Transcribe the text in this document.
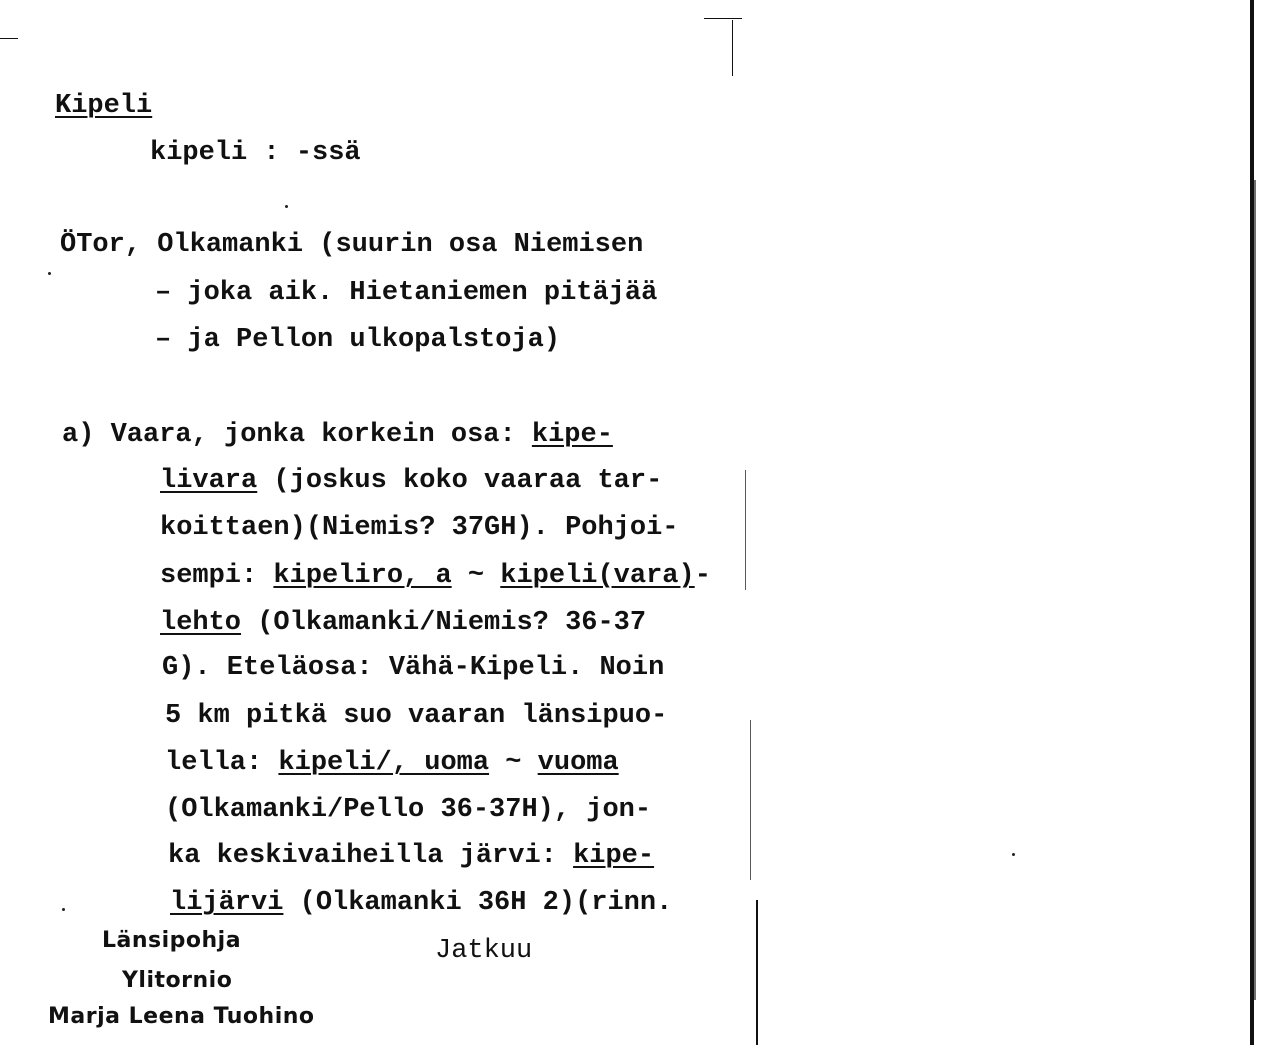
Kipeli
kipeli : -ssä
ÖTor, Olkamanki (suurin osa Niemisen
– joka aik. Hietaniemen pitäjää
– ja Pellon ulkopalstoja)
a) Vaara, jonka korkein osa: kipe-
livara (joskus koko vaaraa tar-
koittaen)(Niemis? 37GH). Pohjoi-
sempi: kipeliro, a ~ kipeli(vara)-
lehto (Olkamanki/Niemis? 36-37
G). Eteläosa: Vähä-Kipeli. Noin
5 km pitkä suo vaaran länsipuo-
lella: kipeli/, uoma ~ vuoma
(Olkamanki/Pello 36-37H), jon-
ka keskivaiheilla järvi: kipe-
lijärvi (Olkamanki 36H 2)(rinn.
Jatkuu
Länsipohja
Ylitornio
Marja Leena Tuohino
